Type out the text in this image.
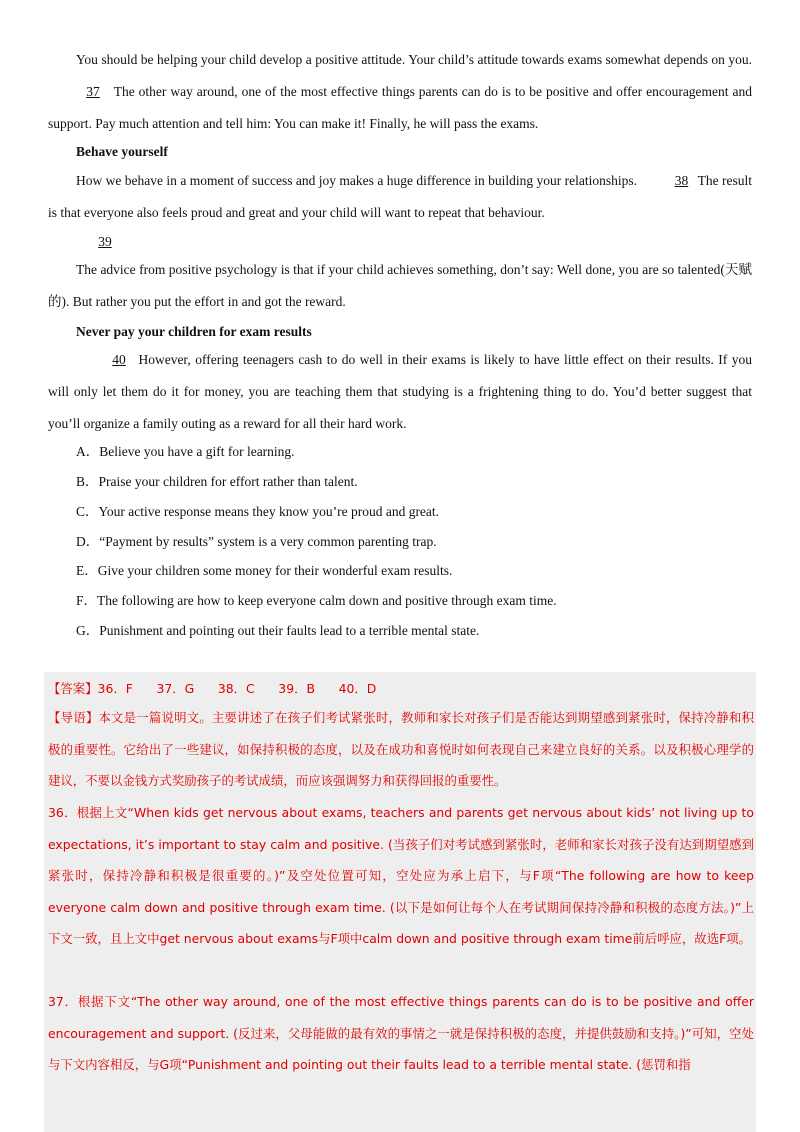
You should be helping your child develop a positive attitude. Your child’s attitude towards exams somewhat depends on you. 37 The other way around, one of the most effective things parents can do is to be positive and offer encouragement and support. Pay much attention and tell him: You can make it! Finally, he will pass the exams.
Behave yourself
How we behave in a moment of success and joy makes a huge difference in building your relationships.	38 The result is that everyone also feels proud and great and your child will want to repeat that behaviour.
39
The advice from positive psychology is that if your child achieves something, don’t say: Well done, you are so talented(天赋的). But rather you put the effort in and got the reward.
Never pay your children for exam results
40 However, offering teenagers cash to do well in their exams is likely to have little effect on their results. If you will only let them do it for money, you are teaching them that studying is a frightening thing to do. You’d better suggest that you’ll organize a family outing as a reward for all their hard work.
A．Believe you have a gift for learning.
B．Praise your children for effort rather than talent.
C．Your active response means they know you’re proud and great.
D．“Payment by results” system is a very common parenting trap.
E．Give your children some money for their wonderful exam results.
F．The following are how to keep everyone calm down and positive through exam time.
G．Punishment and pointing out their faults lead to a terrible mental state.
【答案】36．F      37．G      38．C      39．B      40．D
【导语】本文是一篇说明文。主要讲述了在孩子们考试紧张时，教师和家长对孩子们是否能达到期望感到紧张时，保持冷静和积极的重要性。它给出了一些建议，如保持积极的态度，以及在成功和喜悦时如何表现自己来建立良好的关系。以及积极心理学的建议，不要以金钱方式奖励孩子的考试成绩，而应该强调努力和获得回报的重要性。
36．根据上文“When kids get nervous about exams, teachers and parents get nervous about kids’ not living up to expectations, it’s important to stay calm and positive. (当孩子们对考试感到紧张时，老师和家长对孩子没有达到期望感到紧张时，保持冷静和积极是很重要的。)”及空处位置可知，空处应为承上启下，与F项“The following are how to keep everyone calm down and positive through exam time. (以下是如何让每个人在考试期间保持冷静和积极的态度方法。)”上下文一致，且上文中get nervous about exams与F项中calm down and positive through exam time前后呼应，故选F项。
37．根据下文“The other way around, one of the most effective things parents can do is to be positive and offer encouragement and support. (反过来，父母能做的最有效的事情之一就是保持积极的态度，并提供鼓励和支持。)”可知，空处与下文内容相反，与G项“Punishment and pointing out their faults lead to a terrible mental state. (惩罚和指
